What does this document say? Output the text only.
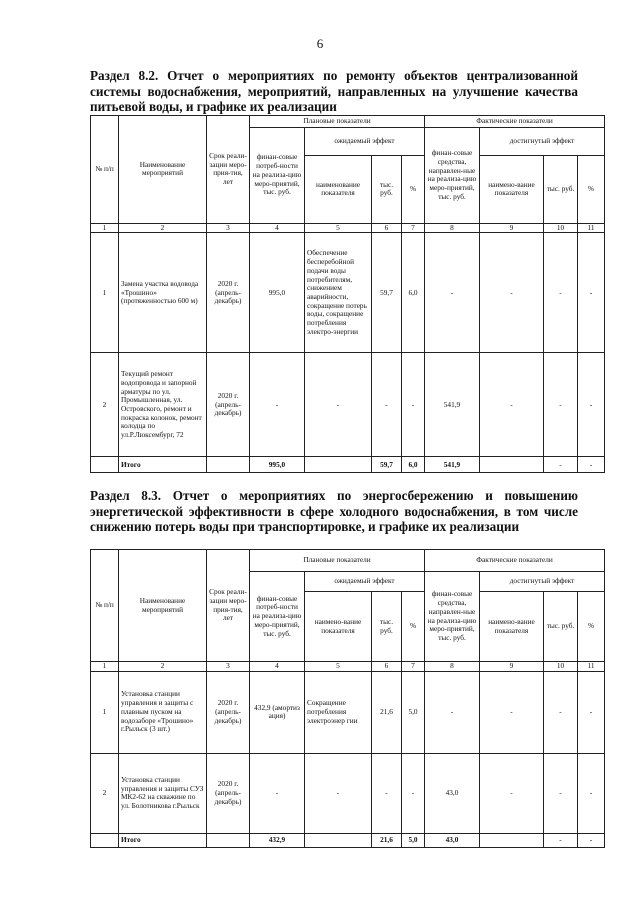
6
Раздел 8.2. Отчет о мероприятиях по ремонту объектов централизованной системы водоснабжения, мероприятий, направленных на улучшение качества питьевой воды, и графике их реализации
№ п/п	Наименование мероприятий	Срок реали-зации меро-прия-тия, лет	Плановые показатели				Фактические показатели			
			финан-совые потреб-ности на реализа-цию меро-приятий, тыс. руб.	ожидаемый эффект			финан-совые средства, направлен-ные на реализа-цию меро-приятий, тыс. руб.	достигнутый эффект		
				наименование показателя	тыс. руб.	%		наимено-вание показателя	тыс. руб.	%
1	2	3	4	5	6	7	8	9	10	11
1	Замена участка водовода «Трошино» (протяженностью 600 м)	2020 г. (апрель-декабрь)	995,0	Обеспечение бесперебойной подачи воды потребителям, снижением аварийности, сокращение потерь воды, сокращение потребления электро-энергии	59,7	6,0	-	-	-	-
2	Текущий ремонт водопровода и запорной арматуры по ул. Промышленная, ул. Островского, ремонт и покраска колонок, ремонт колодца по ул.Р.Люксембург, 72	2020 г. (апрель-декабрь)	-	-	-	-	541,9	-	-	-
	Итого		995,0		59,7	6,0	541,9		-	-
Раздел 8.3. Отчет о мероприятиях по энергосбережению и повышению энергетической эффективности в сфере холодного водоснабжения, в том числе снижению потерь воды при транспортировке, и графике их реализации
№ п/п	Наименование мероприятий	Срок реали-зации меро-прия-тия, лет	Плановые показатели				Фактические показатели			
			финан-совые потреб-ности на реализа-цию меро-приятий, тыс. руб.	ожидаемый эффект			финан-совые средства, направлен-ные на реализа-цию меро-приятий, тыс. руб.	достигнутый эффект		
				наимено-вание показателя	тыс. руб.	%		наимено-вание показателя	тыс. руб.	%
1	2	3	4	5	6	7	8	9	10	11
1	Установка станции управления и защиты с плавным пуском на водозаборе «Трошино» г.Рыльск (3 шт.)	2020 г. (апрель-декабрь)	432,9 (амортиз ация)	Сокращение потребления электроэнер гии	21,6	5,0	-	-	-	-
2	Установка станции управления и защиты СУЗ МК2-62 на скважине по ул. Болотникова г.Рыльск	2020 г. (апрель-декабрь)	-	-	-	-	43,0	-	-	-
	Итого		432,9		21,6	5,0	43,0		-	-
